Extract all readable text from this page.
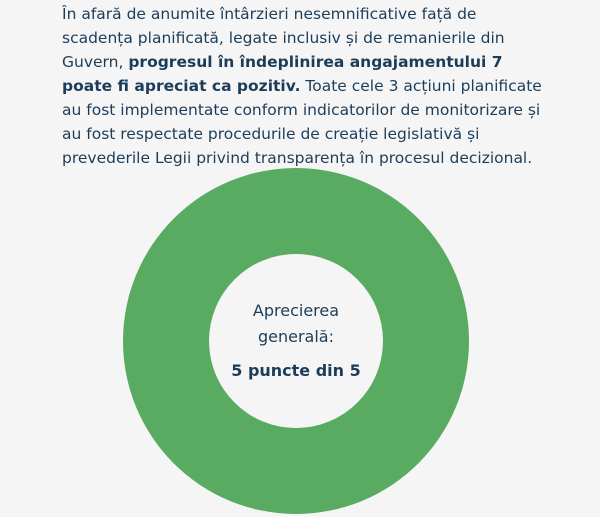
În afară de anumite întârzieri nesemnificative față de scadența planificată, legate inclusiv și de remanierile din Guvern, progresul în îndeplinirea angajamentului 7 poate fi apreciat ca pozitiv. Toate cele 3 acțiuni planificate au fost implementate conform indicatorilor de monitorizare și au fost respectate procedurile de creație legislativă și prevederile Legii privind transparența în procesul decizional.

Aprecierea
generală:
5 puncte din 5
